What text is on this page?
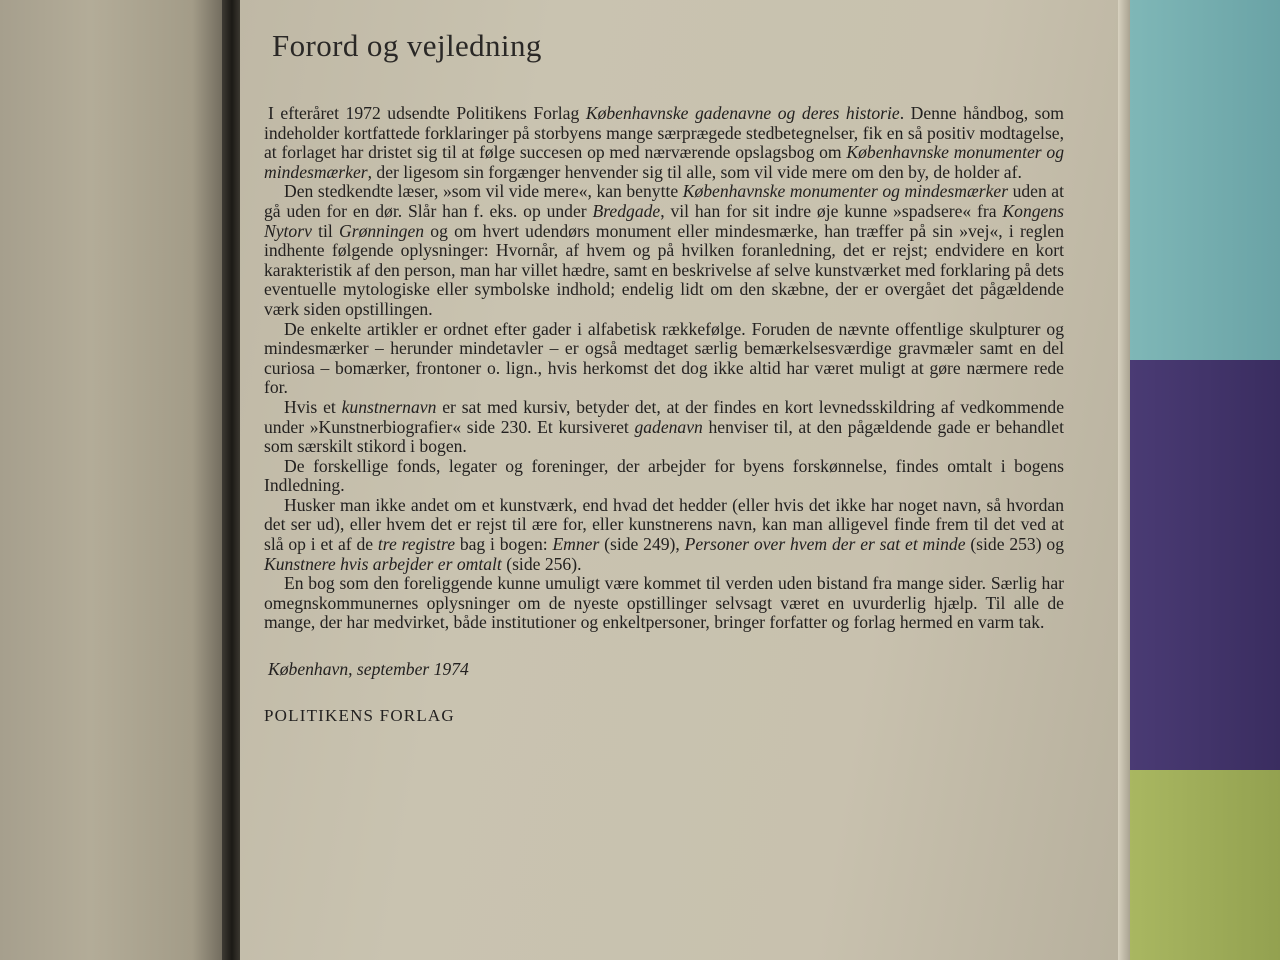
Forord og vejledning

I efteråret 1972 udsendte Politikens Forlag Københavnske gadenavne og deres historie. Denne håndbog, som indeholder kortfattede forklaringer på storbyens mange særprægede stedbetegnelser, fik en så positiv modtagelse, at forlaget har dristet sig til at følge succesen op med nærværende opslagsbog om Københavnske monumenter og mindesmærker, der ligesom sin forgænger henvender sig til alle, som vil vide mere om den by, de holder af.

Den stedkendte læser, »som vil vide mere«, kan benytte Københavnske monumenter og mindesmærker uden at gå uden for en dør. Slår han f. eks. op under Bredgade, vil han for sit indre øje kunne »spadsere« fra Kongens Nytorv til Grønningen og om hvert udendørs monument eller mindesmærke, han træffer på sin »vej«, i reglen indhente følgende oplysninger: Hvornår, af hvem og på hvilken foranledning, det er rejst; endvidere en kort karakteristik af den person, man har villet hædre, samt en beskrivelse af selve kunstværket med forklaring på dets eventuelle mytologiske eller symbolske indhold; endelig lidt om den skæbne, der er overgået det pågældende værk siden opstillingen.

De enkelte artikler er ordnet efter gader i alfabetisk rækkefølge. Foruden de nævnte offentlige skulpturer og mindesmærker – herunder mindetavler – er også medtaget særlig bemærkelsesværdige gravmæler samt en del curiosa – bomærker, frontoner o. lign., hvis herkomst det dog ikke altid har været muligt at gøre nærmere rede for.

Hvis et kunstnernavn er sat med kursiv, betyder det, at der findes en kort levnedsskildring af vedkommende under »Kunstnerbiografier« side 230. Et kursiveret gadenavn henviser til, at den pågældende gade er behandlet som særskilt stikord i bogen.

De forskellige fonds, legater og foreninger, der arbejder for byens forskønnelse, findes omtalt i bogens Indledning.

Husker man ikke andet om et kunstværk, end hvad det hedder (eller hvis det ikke har noget navn, så hvordan det ser ud), eller hvem det er rejst til ære for, eller kunstnerens navn, kan man alligevel finde frem til det ved at slå op i et af de tre registre bag i bogen: Emner (side 249), Personer over hvem der er sat et minde (side 253) og Kunstnere hvis arbejder er omtalt (side 256).

En bog som den foreliggende kunne umuligt være kommet til verden uden bistand fra mange sider. Særlig har omegnskommunernes oplysninger om de nyeste opstillinger selvsagt været en uvurderlig hjælp. Til alle de mange, der har medvirket, både institutioner og enkeltpersoner, bringer forfatter og forlag hermed en varm tak.

København, september 1974
POLITIKENS FORLAG
